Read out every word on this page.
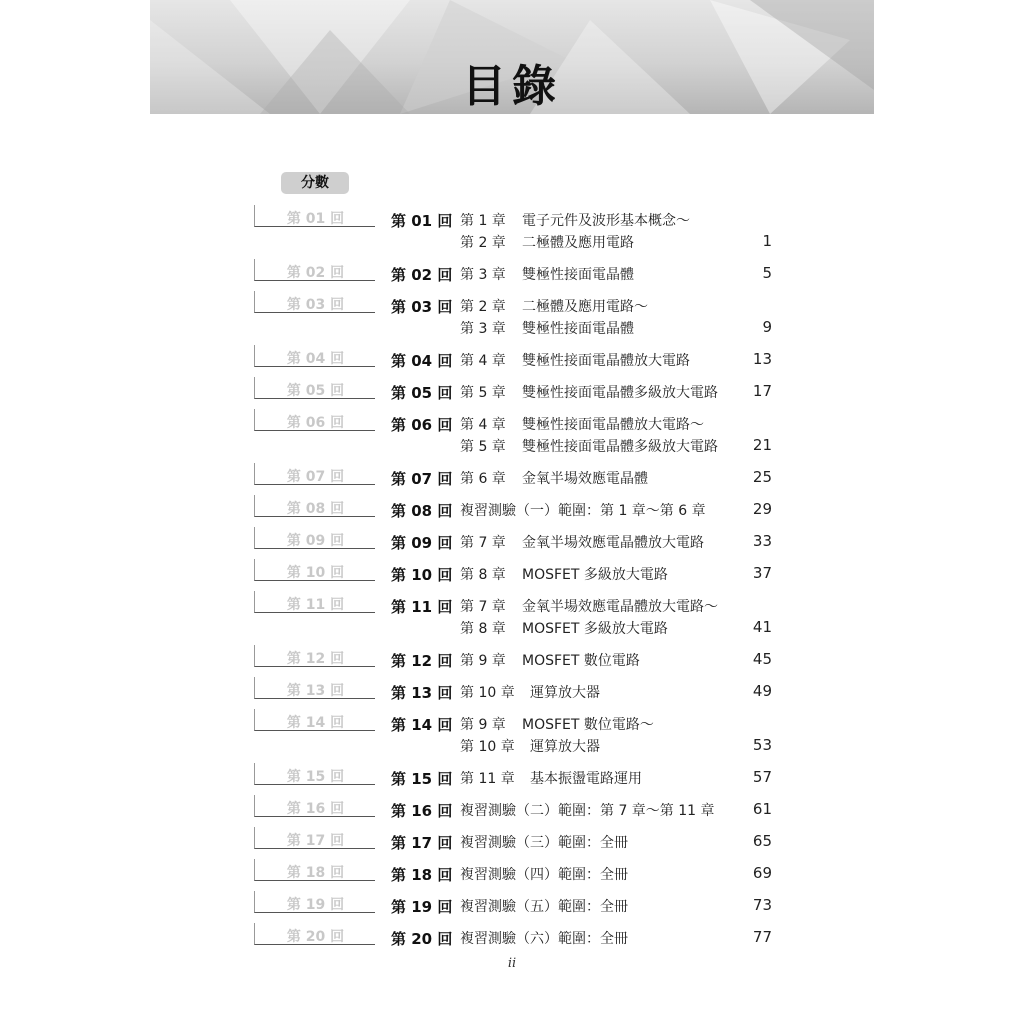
目錄
分數
第 01 回	第 01 回 第 1 章 電子元件及波形基本概念～
第 2 章 二極體及應用電路	1
第 02 回	第 02 回 第 3 章 雙極性接面電晶體	5
第 03 回	第 03 回 第 2 章 二極體及應用電路～
第 3 章 雙極性接面電晶體	9
第 04 回	第 04 回 第 4 章 雙極性接面電晶體放大電路	13
第 05 回	第 05 回 第 5 章 雙極性接面電晶體多級放大電路	17
第 06 回	第 06 回 第 4 章 雙極性接面電晶體放大電路～
第 5 章 雙極性接面電晶體多級放大電路	21
第 07 回	第 07 回 第 6 章 金氧半場效應電晶體	25
第 08 回	第 08 回 複習測驗（一）範圍：第 1 章～第 6 章	29
第 09 回	第 09 回 第 7 章 金氧半場效應電晶體放大電路	33
第 10 回	第 10 回 第 8 章 MOSFET 多級放大電路	37
第 11 回	第 11 回 第 7 章 金氧半場效應電晶體放大電路～
第 8 章 MOSFET 多級放大電路	41
第 12 回	第 12 回 第 9 章 MOSFET 數位電路	45
第 13 回	第 13 回 第 10 章 運算放大器	49
第 14 回	第 14 回 第 9 章 MOSFET 數位電路～
第 10 章 運算放大器	53
第 15 回	第 15 回 第 11 章 基本振盪電路運用	57
第 16 回	第 16 回 複習測驗（二）範圍：第 7 章～第 11 章	61
第 17 回	第 17 回 複習測驗（三）範圍：全冊	65
第 18 回	第 18 回 複習測驗（四）範圍：全冊	69
第 19 回	第 19 回 複習測驗（五）範圍：全冊	73
第 20 回	第 20 回 複習測驗（六）範圍：全冊	77
ii
